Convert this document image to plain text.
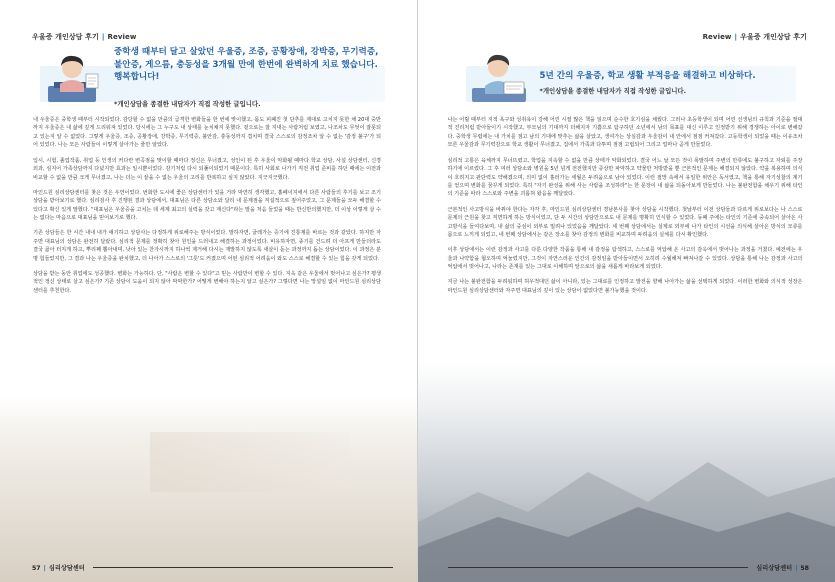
우울증 개인상담 후기 | Review
중학생 때부터 달고 살았던 우울증, 조증, 공황장애, 강박증, 무기력증, 불안증, 게으름, 충동성을 3개월 만에 한번에 완벽하게 치료 했습니다. 행복합니다!
*개인상담을 종결한 내담자가 직접 작성한 글입니다.

내 우울증은 중학생 때부터 시작되었다. 감당할 수 없을 만큼의 급격한 변화들을 한 번에 맞이했고, 몸도 피폐진 첫 단추를 제대로 고치지 못한 채 20대 중반까지 우울증은 내 삶에 깊게 드리워져 있었다. 당시에는 그 누구도 내 상태를 눈치채지 못했다. 겉으로는 잘 지내는 사람처럼 보였고, 나조차도 무엇이 잘못되고 있는지 알 수 없었다. 그렇게 우울증, 조증, 공황장애, 강박증, 무기력증, 불안감, 충동성까지 겹치며 결국 스스로의 감정조차 알 수 없는 '감정 불구'가 되어 있었다. 나는 모든 사람들이 이렇게 살아가는 줄만 알았다.

입시, 시험, 졸업작품, 취업 등 인생의 커다란 변곡점을 맞이할 때마다 정신은 무너졌고, 성인이 된 후 우울이 악화될 때마다 학교 상담, 사설 상담센터, 신경외과, 심지어 가족상담까지 다녔지만 효과는 일시뿐이었다. 감기처럼 다시 되풀이되었기 때문이다. 특히 사회로 나가기 직전 취업 준비를 하던 때에는 이전과 비교할 수 없을 만큼 크게 무너졌고, 나는 더는 이 끝을 수 없는 우울의 고리를 반복하고 싶지 않았다. 지긋지긋했다.

마인드원 심리상담센터를 찾은 것은 우연이었다. 번화한 도시에 좋은 상담센터가 있을 거라 막연히 생각했고, 홈페이지에서 다른 사람들의 후기를 보고 조기 상담을 받아보기로 했다. 심리검사 후 진행된 결과 상담에서, 대표님은 다른 상담소와 달리 내 문제점을 직설적으로 짚어주었고, 그 문제들을 모두 해결할 수 있다고 확신 있게 말했다. "대표님은 우울증을 고치는 데 세계 최고의 실력을 갖고 계신다"라는 말을 처음 들었을 때는 반신반의했지만, 더 이상 이렇게 살 수는 없다는 마음으로 대표님을 믿어보기로 했다.

기존 상담들은 한 시간 내내 내가 얘기하고 상담사는 다정하게 위로해주는 방식이었다. 말하자면, 굴레가는 증기에 진통제를 바르는 것과 같았다. 하지만 자주면 대표님의 상담은 완전히 달랐다. 심리적 문제를 정확히 찾아 원인을 드러내고 해결하는 과정이었다. 비유하자면, 종기를 건드려 더 아프게 만들더라도 결국 곪아 터지게 하고, 뿌리째 뽑아내며, 낫아 있는 찬가시까지 하나씩 제거해 다시는 재발하지 않도록 새살이 돋는 과정까지 돕는 상담이었다. 이 과정은 분명 힘들었지만, 그 결과 나는 우울증을 완치했고, 더 나아가 스스로의 '그릇'도 커졌으며 어떤 심리적 어려움이 와도 스스로 해결할 수 있는 힘을 갖게 되었다.

상담을 받는 동안 취업에도 성공했다. 변화는 가능하다. 단, "사람은 변할 수 있다"고 믿는 사람만이 변할 수 있다. 지옥 같은 우울에서 벗어나고 싶은가? 평생적인 정신 상태로 살고 싶은가? 기존 상담이 도움이 되지 않아 막막한가? 어떻게 변해야 하는지 알고 싶은가? 그렇다면 나는 망설임 없이 마인드원 심리상담센터를 추천한다.

57 | 심리상담센터
Review | 우울증 개인상담 후기
5년 간의 우울증, 학교 생활 부적응을 해결하고 비상하다.
*개인상담을 종결한 내담자가 직접 작성한 글입니다.

나는 어릴 때부터 지적 욕구와 성취욕이 강해 어린 시절 많은 책을 읽으며 순수한 호기심을 채웠다. 그러나 초등학생이 되며 어린 선생님의 규칙과 기준을 절대적 진리처럼 받아들이기 시작했고, 부모님의 기대까지 더해지자 기쁨으로 탐구하던 소년에서 남의 목표를 대신 이루고 인정받기 위해 경쟁하는 아이로 변해갔다. 중학생 무렵에는 내 가치를 점고 남의 기대에 맞추는 삶을 살았고, 생여가는 상실감과 우울감이 내 안에서 점점 커져갔다. 고등학생이 되었을 때는 이유조차 모른 우울감과 무기력감으로 학교 생활이 무너졌고, 집에서 가족과 다투며 점점 고립되어 그리고 얼마나 곧게 만들었다.

심리적 고통은 육체까지 무너뜨렸고, 학업을 지속할 수 없을 만큼 상태가 악화되었다. 결국 어느 날 모든 것이 폭발하며 주변의 만류에도 불구하고 자퇴를 주장하기에 이르렀다. 그 후 여러 상담소와 병원을 5년 넘게 전전했지만 증상만 파악하고 약물만 처방받을 뿐 근본적인 문제는 해결되지 않았다. 약을 복용하며 의식이 흐려지고 판단력도 약해졌으며, 의미 없이 흘러가는 세월은 두려움으로 남아 있었다. 이런 절망 속에서 유일한 위안은 독서였고, 책을 통해 자기성찰의 계기를 얻으며 변화를 꿈꾸게 되었다. 특히 "자기 완성을 위해 사는 사람을 조성하라"는 한 문장이 내 삶을 되돌아보게 만들었다. 나는 불완전함을 채우기 위해 타인의 기준을 따라 스스로와 주변을 괴롭혀 왔음을 깨달았다.

근본적인 사고방식을 바꿔야 한다는 자각 후, 마인드원 심리상담센터 경남본사를 찾아 상담을 시작했다. 첫날부터 이전 상담들과 다르게 위로보다는 나 스스로 문제의 근원을 찾고 직면하게 하는 방식이었고, 단 두 시간의 상담만으로도 내 문제를 명확히 인식할 수 있었다. 동패 주에는 타인의 기준에 중속되어 살아온 사고방식을 들여다보며, 내 삶의 중심이 외부로 밀려나 있었음을 깨달았다. 세 번째 상담에서는 실제로 외부에 나가 타인의 시선을 의식해 살아온 방식의 모류를 몸으로 느끼게 되었고, 네 번째 상담에서는 같은 장소를 찾아 감정의 변화를 비교하며 두려움의 실체를 다시 확인했다.

이후 상담에서는 이런 감정과 사고를 다룬 다양한 작품을 통해 내 감정을 탐색하고, 스스로를 억압해 온 사고의 감옥에서 벗어나는 과정을 거쳤다. 예전에는 우울과 나약함을 혐오하며 억눌렀지만, 그것이 자연스러운 인간의 감정임을 받아들이면서 오히려 수월해져 빠져나갈 수 있었다. 상담을 통해 나는 감정과 사고의 억압에서 벗어나고, 나라는 존재를 있는 그대로 이해하며 앞으로의 삶을 새롭게 바라보게 되었다.

지금 나는 불완전함을 두려워하며 허우적대던 삶이 아니라, 있는 그대로를 인정하고 발전을 향해 나아가는 삶을 선택하게 되었다. 이러한 변화와 의식적 성장은 마인드원 심리상담센터와 자주면 대표님의 깊이 있는 상담이 없었다면 불가능했을 것이다.

심리상담센터 | 58
